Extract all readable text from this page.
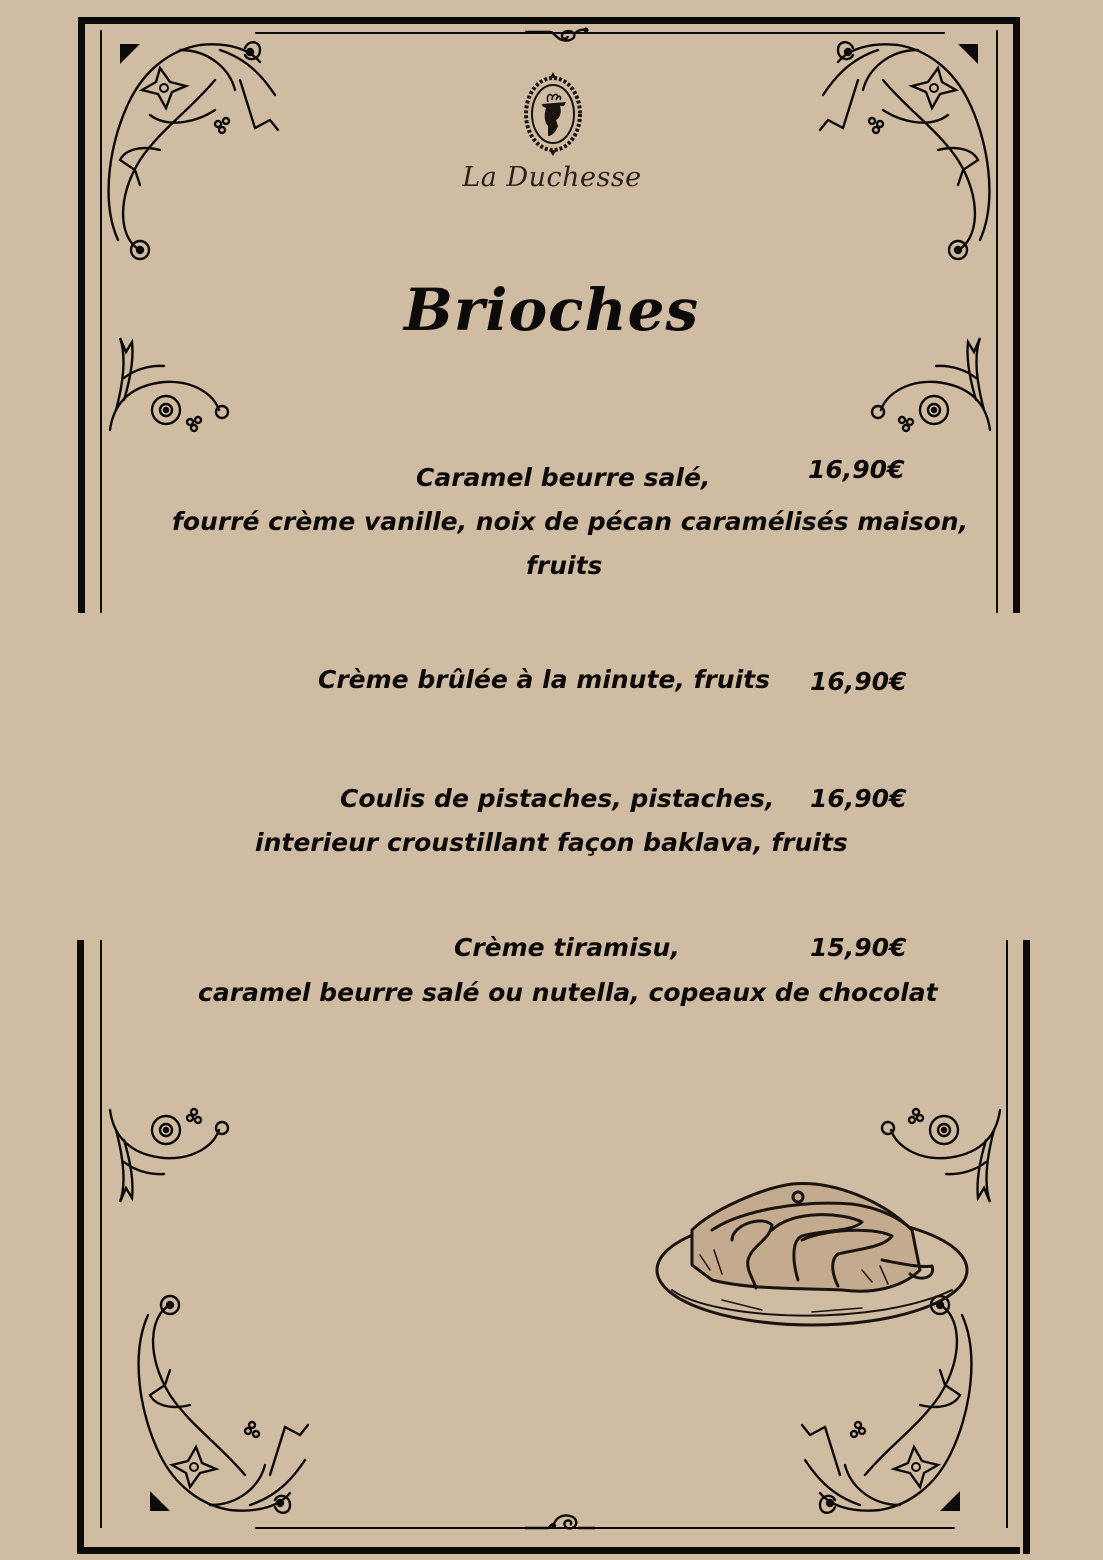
La Duchesse
Brioches
Caramel beurre salé,	16,90€
fourré crème vanille, noix de pécan caramélisés maison,
fruits
Crème brûlée à la minute, fruits 16,90€
Coulis de pistaches, pistaches, 16,90€
interieur croustillant façon baklava, fruits
Crème tiramisu,	15,90€
caramel beurre salé ou nutella, copeaux de chocolat
